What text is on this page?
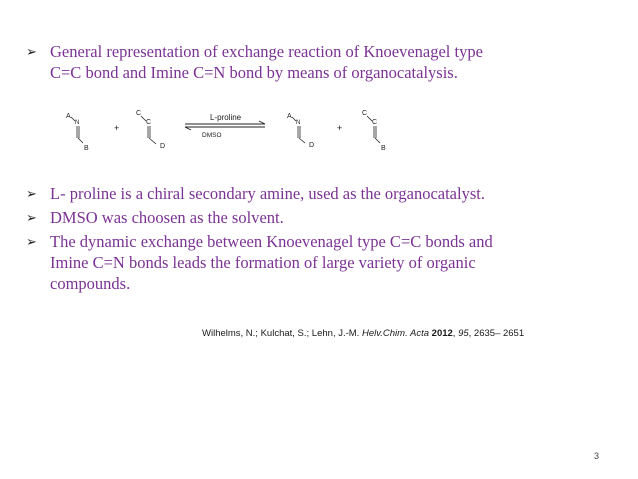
➢ General representation of exchange reaction of Knoevenagel type
C=C bond and Imine C=N bond by means of organocatalysis.
A
N
B
+
C
C
D
L-proline
DMSO
A
N
D
+
C
C
B
➢ L- proline is a chiral secondary amine, used as the organocatalyst.
➢ DMSO was choosen as the solvent.
➢ The dynamic exchange between Knoevenagel type C=C bonds and
Imine C=N bonds leads the formation of large variety of organic
compounds.
Wilhelms, N.; Kulchat, S.; Lehn, J.-M. Helv.Chim. Acta 2012, 95, 2635– 2651
3
